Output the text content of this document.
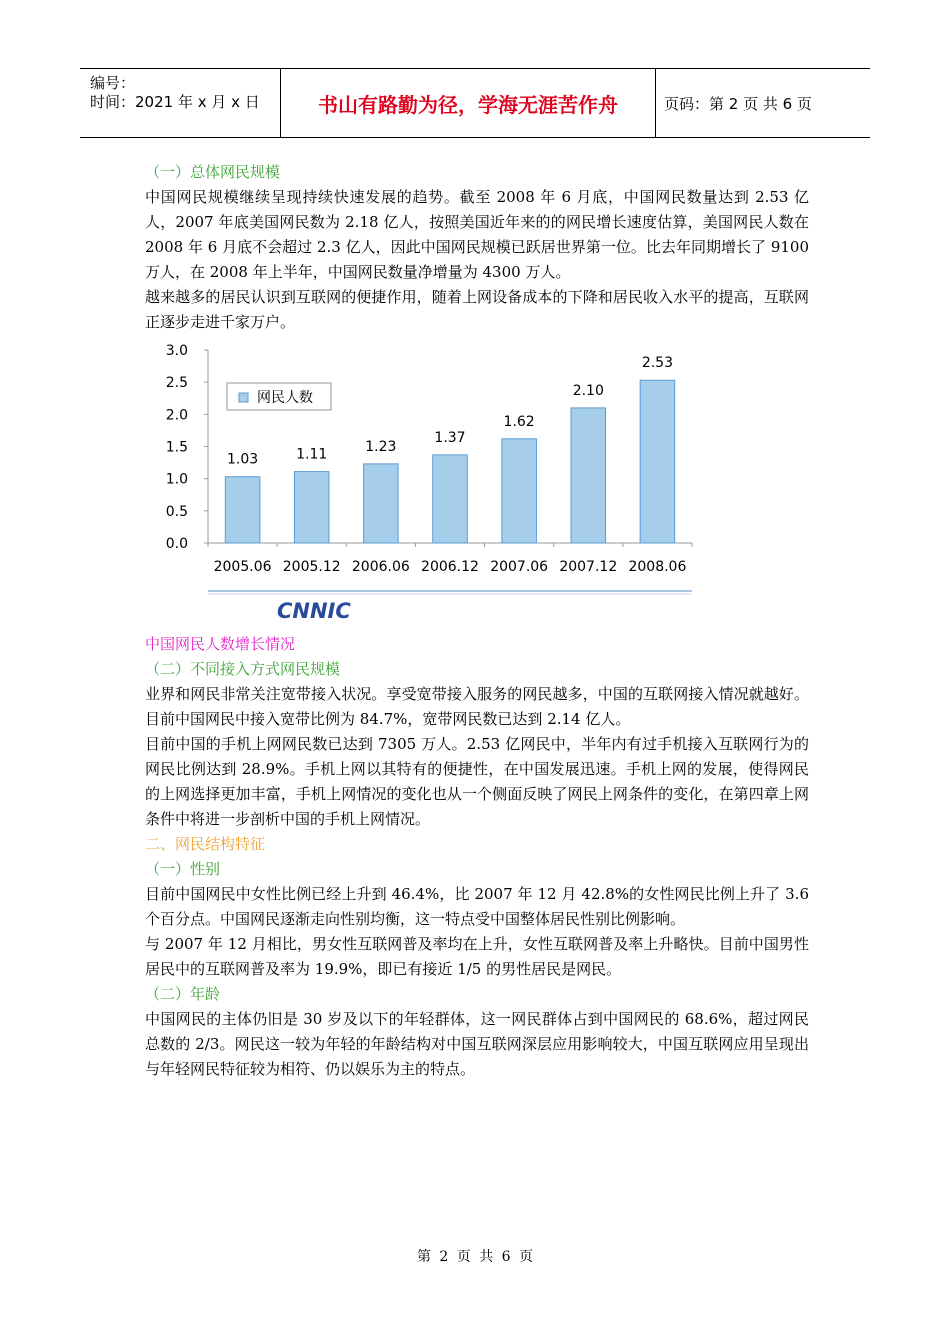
编号：
时间：2021 年 x 月 x 日	书山有路勤为径，学海无涯苦作舟	页码：第 2 页 共 6 页

（一）总体网民规模

中国网民规模继续呈现持续快速发展的趋势。截至 2008 年 6 月底，中国网民数量达到 2.53 亿人，2007 年底美国网民数为 2.18 亿人，按照美国近年来的的网民增长速度估算，美国网民人数在 2008 年 6 月底不会超过 2.3 亿人，因此中国网民规模已跃居世界第一位。比去年同期增长了 9100 万人，在 2008 年上半年，中国网民数量净增量为 4300 万人。

越来越多的居民认识到互联网的便捷作用，随着上网设备成本的下降和居民收入水平的提高，互联网正逐步走进千家万户。

0.0
0.5
1.0
1.5
2.0
2.5
3.0
2005.06 2005.12 2006.06 2006.12 2007.06 2007.12 2008.06
1.03	1.11	1.23
1.37
1.62
2.10
2.53
网民人数
CNNIC

中国网民人数增长情况

（二）不同接入方式网民规模

业界和网民非常关注宽带接入状况。享受宽带接入服务的网民越多，中国的互联网接入情况就越好。目前中国网民中接入宽带比例为 84.7%，宽带网民数已达到 2.14 亿人。

目前中国的手机上网网民数已达到 7305 万人。2.53 亿网民中，半年内有过手机接入互联网行为的网民比例达到 28.9%。手机上网以其特有的便捷性，在中国发展迅速。手机上网的发展，使得网民的上网选择更加丰富，手机上网情况的变化也从一个侧面反映了网民上网条件的变化，在第四章上网条件中将进一步剖析中国的手机上网情况。

二、网民结构特征

（一）性别

目前中国网民中女性比例已经上升到 46.4%，比 2007 年 12 月 42.8%的女性网民比例上升了 3.6 个百分点。中国网民逐渐走向性别均衡，这一特点受中国整体居民性别比例影响。

与 2007 年 12 月相比，男女性互联网普及率均在上升，女性互联网普及率上升略快。目前中国男性居民中的互联网普及率为 19.9%，即已有接近 1/5 的男性居民是网民。

（二）年龄

中国网民的主体仍旧是 30 岁及以下的年轻群体，这一网民群体占到中国网民的 68.6%，超过网民总数的 2/3。网民这一较为年轻的年龄结构对中国互联网深层应用影响较大，中国互联网应用呈现出与年轻网民特征较为相符、仍以娱乐为主的特点。

第 2 页 共 6 页
